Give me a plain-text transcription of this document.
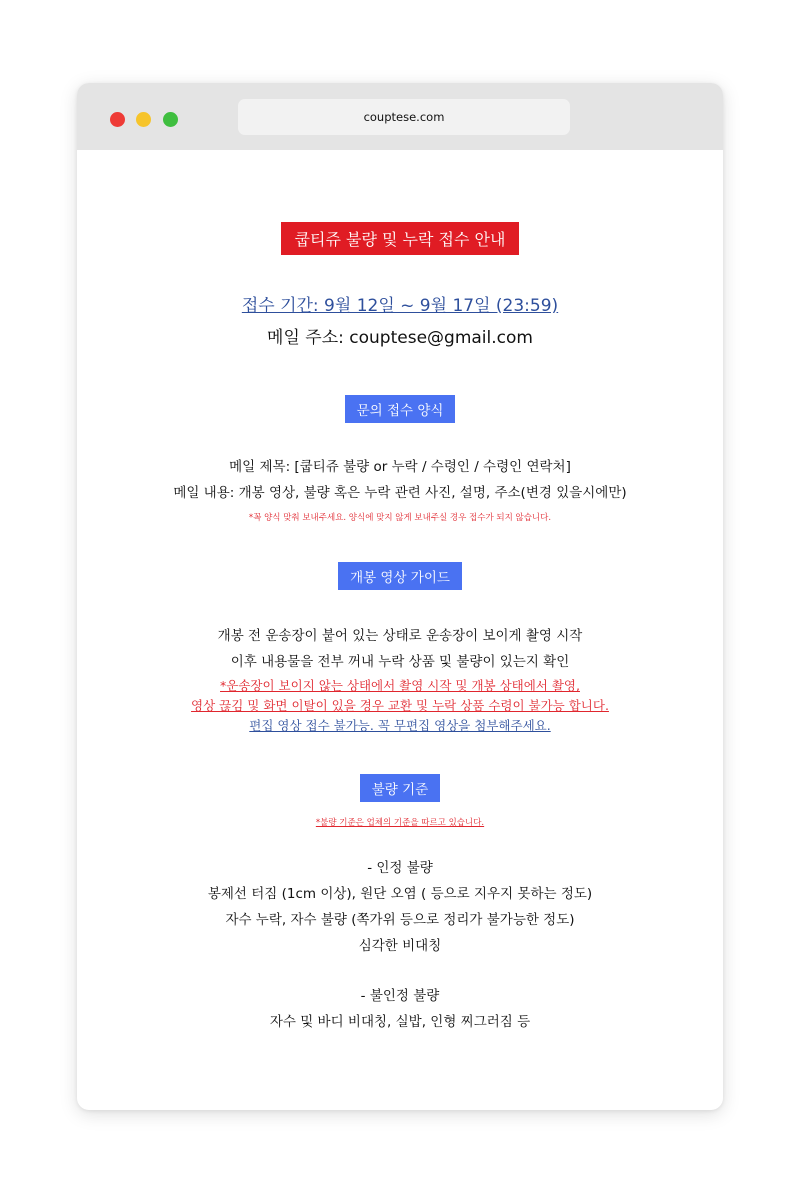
couptese.com
쿱티쥬 불량 및 누락 접수 안내
접수 기간: 9월 12일 ~ 9월 17일 (23:59)
메일 주소: couptese@gmail.com
문의 접수 양식
메일 제목: [쿱티쥬 불량 or 누락 / 수령인 / 수령인 연락처]
메일 내용: 개봉 영상, 불량 혹은 누락 관련 사진, 설명, 주소(변경 있을시에만)
*꼭 양식 맞춰 보내주세요. 양식에 맞지 않게 보내주실 경우 접수가 되지 않습니다.
개봉 영상 가이드
개봉 전 운송장이 붙어 있는 상태로 운송장이 보이게 촬영 시작
이후 내용물을 전부 꺼내 누락 상품 및 불량이 있는지 확인
*운송장이 보이지 않는 상태에서 촬영 시작 및 개봉 상태에서 촬영,
영상 끊김 및 화면 이탈이 있을 경우 교환 및 누락 상품 수령이 불가능 합니다.
편집 영상 접수 불가능. 꼭 무편집 영상을 첨부해주세요.
불량 기준
*불량 기준은 업체의 기준을 따르고 있습니다.
- 인정 불량
봉제선 터짐 (1cm 이상), 원단 오염 ( 등으로 지우지 못하는 정도)
자수 누락, 자수 불량 (쪽가위 등으로 정리가 불가능한 정도)
심각한 비대칭
- 불인정 불량
자수 및 바디 비대칭, 실밥, 인형 찌그러짐 등
